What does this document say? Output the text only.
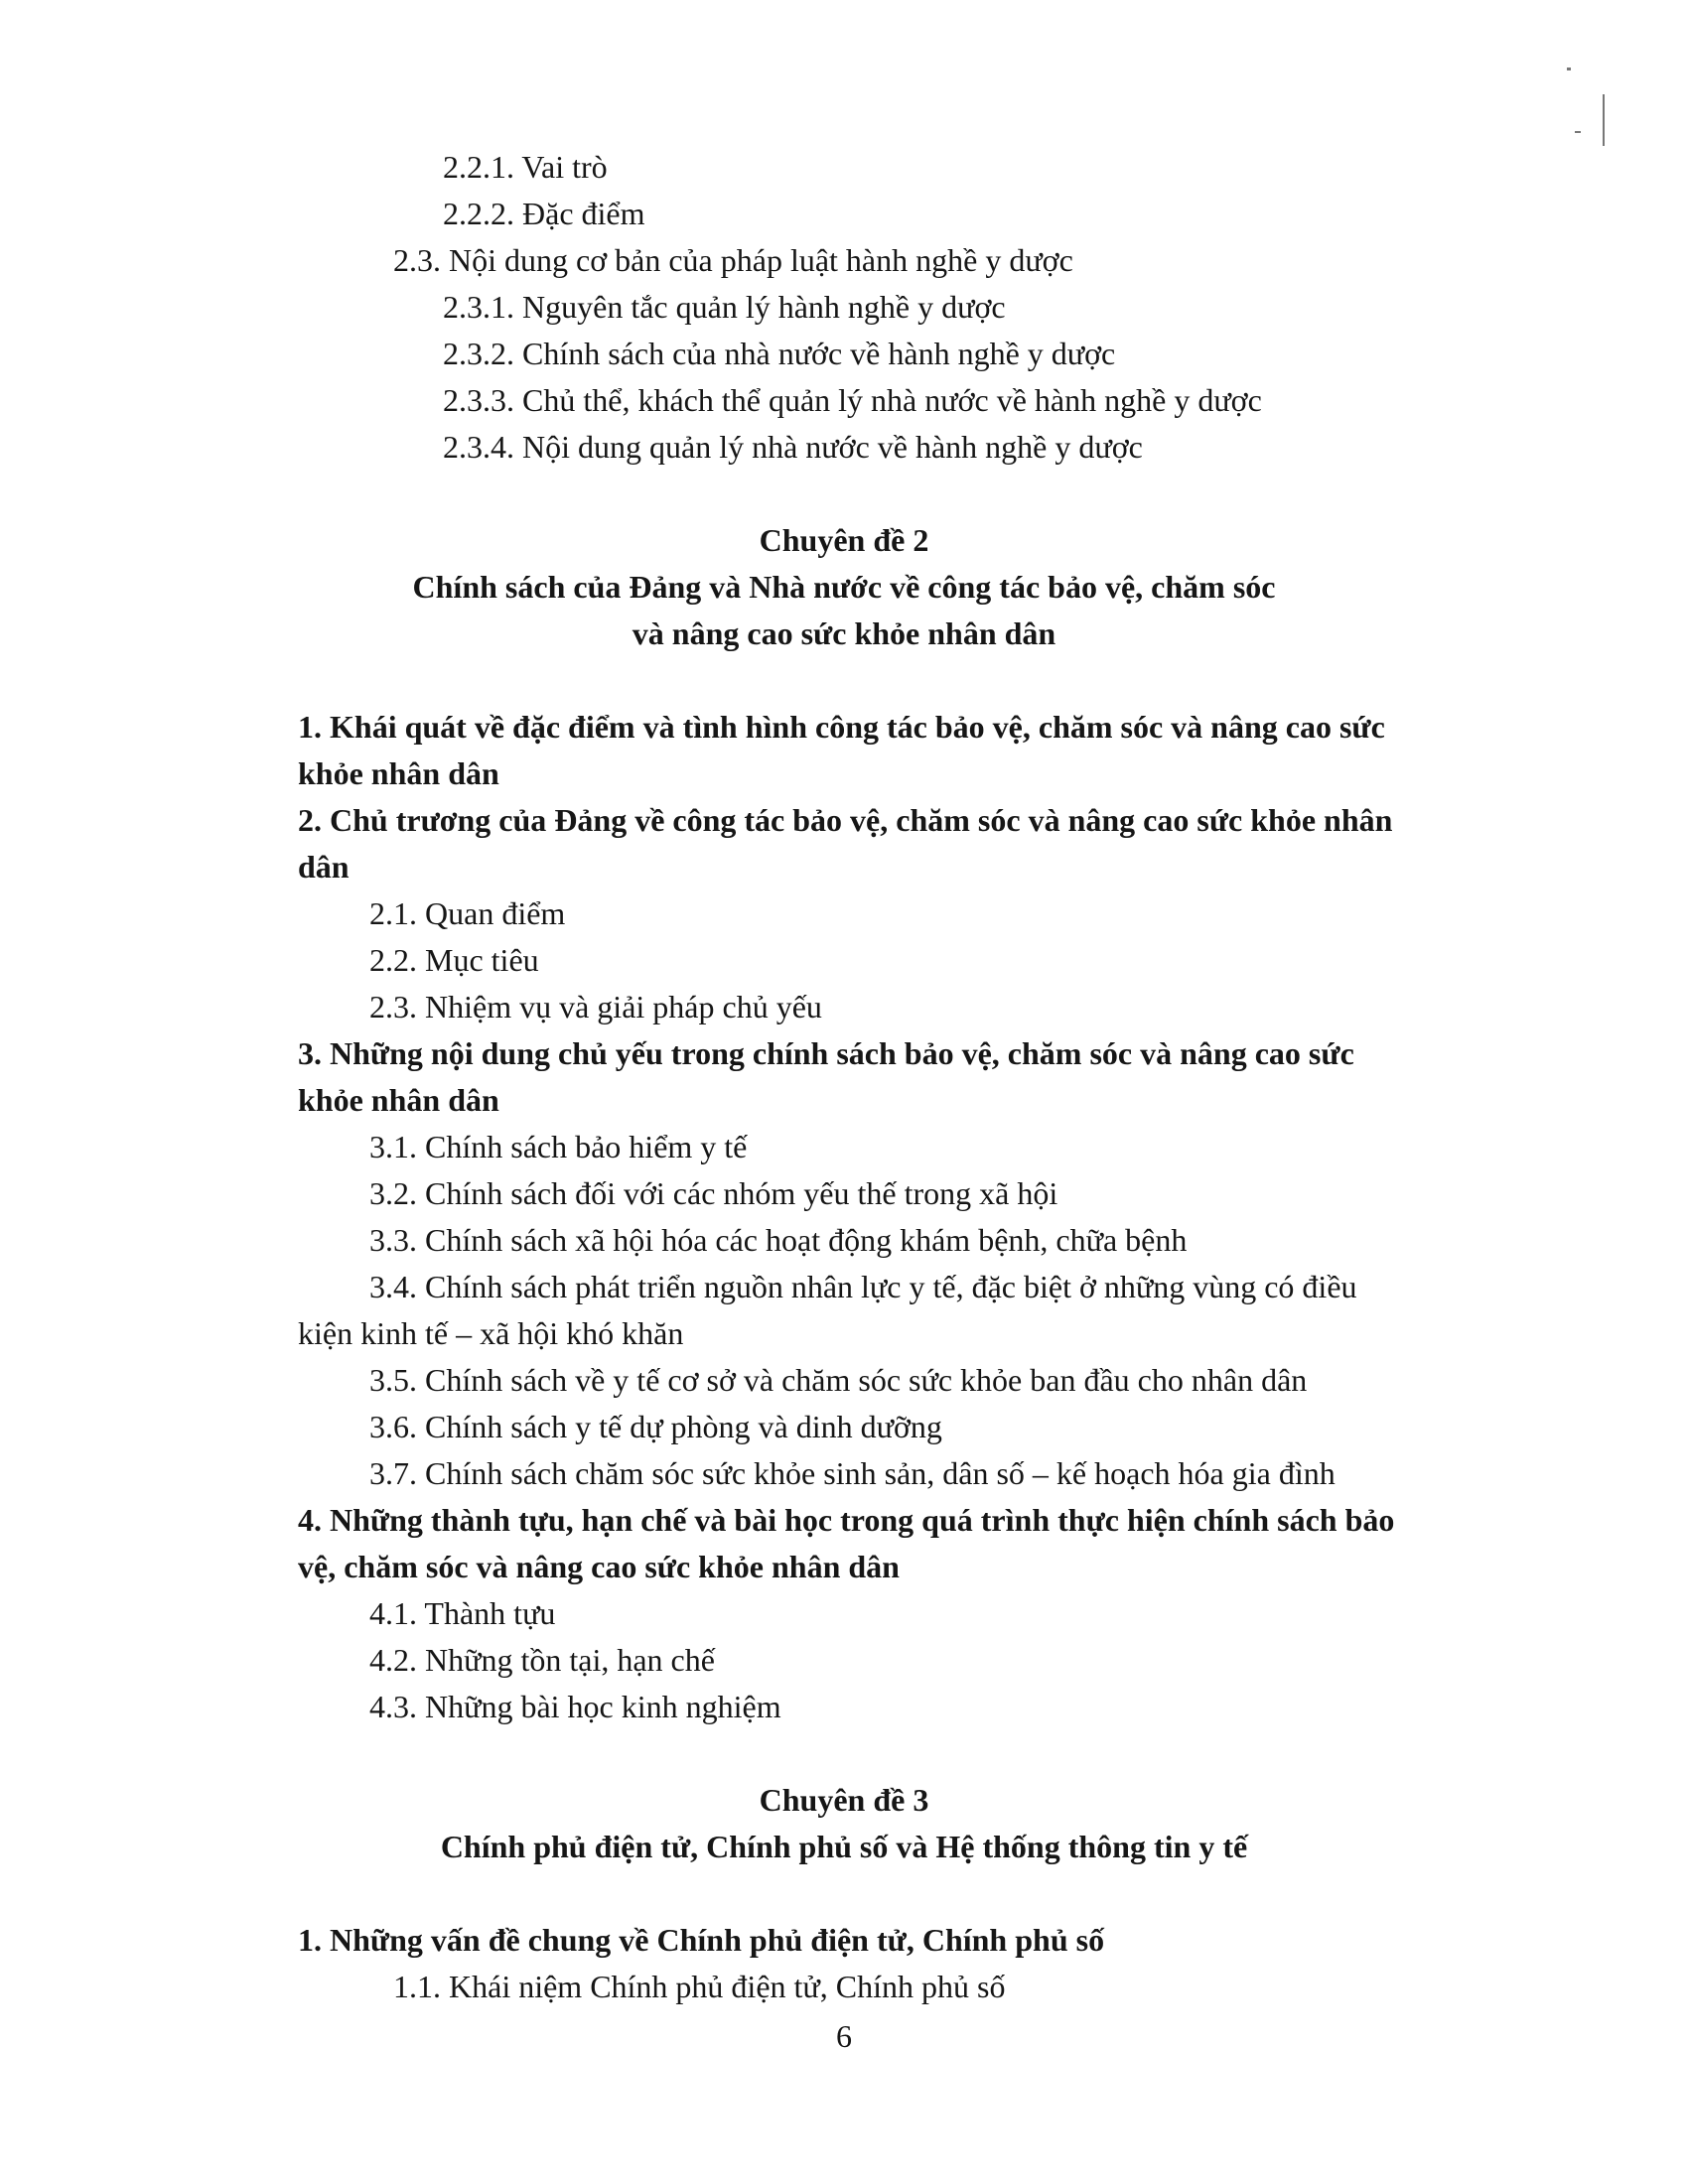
2.2.1. Vai trò
2.2.2. Đặc điểm
2.3. Nội dung cơ bản của pháp luật hành nghề y dược
2.3.1. Nguyên tắc quản lý hành nghề y dược
2.3.2. Chính sách của nhà nước về hành nghề y dược
2.3.3. Chủ thể, khách thể quản lý nhà nước về hành nghề y dược
2.3.4. Nội dung quản lý nhà nước về hành nghề y dược
Chuyên đề 2
Chính sách của Đảng và Nhà nước về công tác bảo vệ, chăm sóc
và nâng cao sức khỏe nhân dân
1. Khái quát về đặc điểm và tình hình công tác bảo vệ, chăm sóc và nâng cao sức
khỏe nhân dân
2. Chủ trương của Đảng về công tác bảo vệ, chăm sóc và nâng cao sức khỏe nhân
dân
2.1. Quan điểm
2.2. Mục tiêu
2.3. Nhiệm vụ và giải pháp chủ yếu
3. Những nội dung chủ yếu trong chính sách bảo vệ, chăm sóc và nâng cao sức
khỏe nhân dân
3.1. Chính sách bảo hiểm y tế
3.2. Chính sách đối với các nhóm yếu thế trong xã hội
3.3. Chính sách xã hội hóa các hoạt động khám bệnh, chữa bệnh
3.4. Chính sách phát triển nguồn nhân lực y tế, đặc biệt ở những vùng có điều
kiện kinh tế – xã hội khó khăn
3.5. Chính sách về y tế cơ sở và chăm sóc sức khỏe ban đầu cho nhân dân
3.6. Chính sách y tế dự phòng và dinh dưỡng
3.7. Chính sách chăm sóc sức khỏe sinh sản, dân số – kế hoạch hóa gia đình
4. Những thành tựu, hạn chế và bài học trong quá trình thực hiện chính sách bảo
vệ, chăm sóc và nâng cao sức khỏe nhân dân
4.1. Thành tựu
4.2. Những tồn tại, hạn chế
4.3. Những bài học kinh nghiệm
Chuyên đề 3
Chính phủ điện tử, Chính phủ số và Hệ thống thông tin y tế
1. Những vấn đề chung về Chính phủ điện tử, Chính phủ số
1.1. Khái niệm Chính phủ điện tử, Chính phủ số
6
